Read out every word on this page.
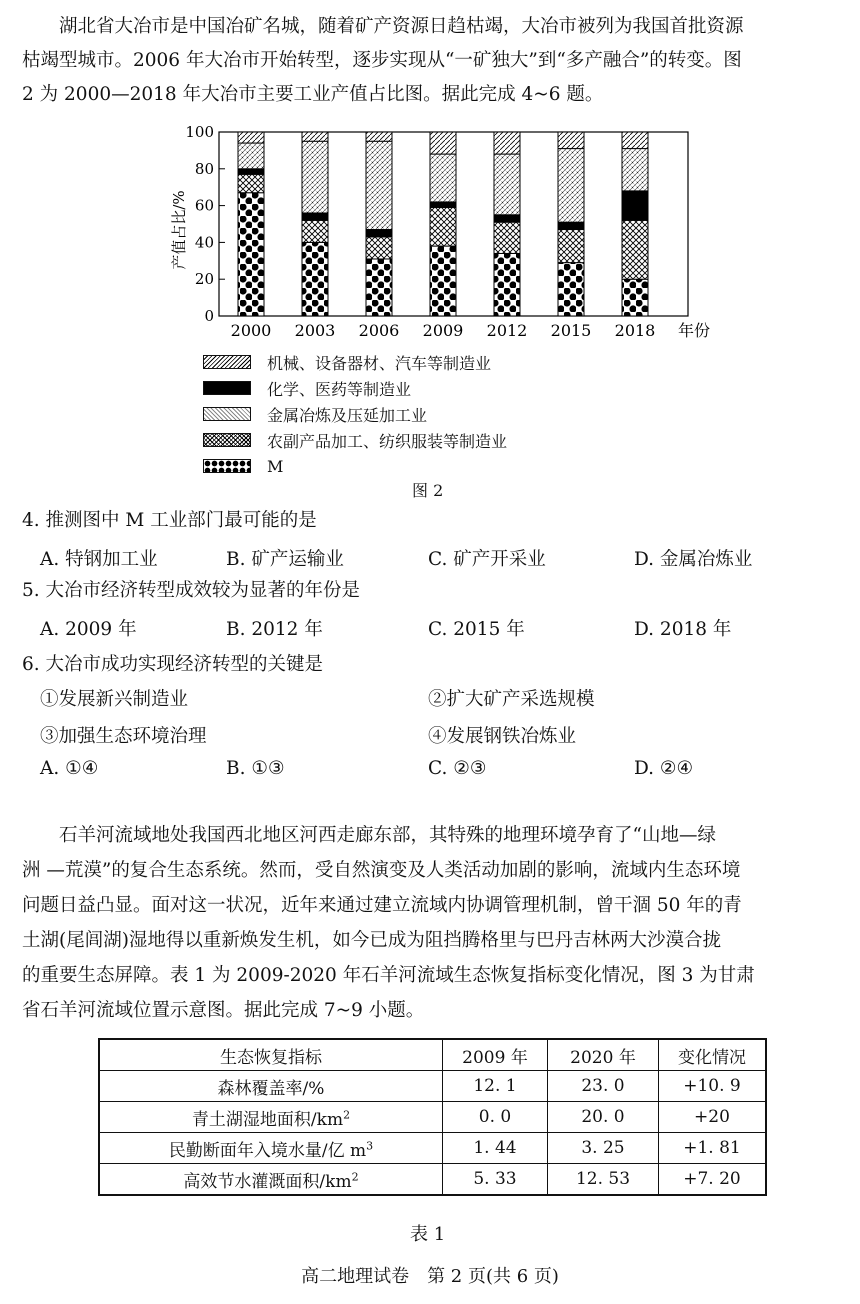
湖北省大冶市是中国冶矿名城，随着矿产资源日趋枯竭，大冶市被列为我国首批资源
枯竭型城市。2006 年大冶市开始转型，逐步实现从“一矿独大”到“多产融合”的转变。图
2 为 2000—2018 年大冶市主要工业产值占比图。据此完成 4~6 题。

0
20
40
60
80
100
2000 2003 2006 2009 2012 2015 2018 年份
产值占比/%
机械、设备器材、汽车等制造业
化学、医药等制造业
金属冶炼及压延加工业
农副产品加工、纺织服装等制造业
M
图 2
4. 推测图中 M 工业部门最可能的是
A. 特钢加工业	B. 矿产运输业	C. 矿产开采业	D. 金属冶炼业
5. 大冶市经济转型成效较为显著的年份是
A. 2009 年	B. 2012 年	C. 2015 年	D. 2018 年
6. 大冶市成功实现经济转型的关键是
①发展新兴制造业	②扩大矿产采选规模
③加强生态环境治理	④发展钢铁冶炼业
A. ①④	B. ①③	C. ②③	D. ②④

石羊河流域地处我国西北地区河西走廊东部，其特殊的地理环境孕育了“山地—绿
洲 —荒漠”的复合生态系统。然而，受自然演变及人类活动加剧的影响，流域内生态环境
问题日益凸显。面对这一状况，近年来通过建立流域内协调管理机制，曾干涸 50 年的青
土湖(尾闾湖)湿地得以重新焕发生机，如今已成为阻挡腾格里与巴丹吉林两大沙漠合拢
的重要生态屏障。表 1 为 2009-2020 年石羊河流域生态恢复指标变化情况，图 3 为甘肃
省石羊河流域位置示意图。据此完成 7~9 小题。

生态恢复指标	2009 年	2020 年	变化情况
森林覆盖率/%	12. 1	23. 0	+10. 9
青土湖湿地面积$/km^2$	0. 0	20. 0	+20
民勤断面年入境水量/亿 $m^3$	1. 44	3. 25	+1. 81
高效节水灌溉面积$/km^2$	5. 33	12. 53	+7. 20
表 1
高二地理试卷　第 2 页(共 6 页)
